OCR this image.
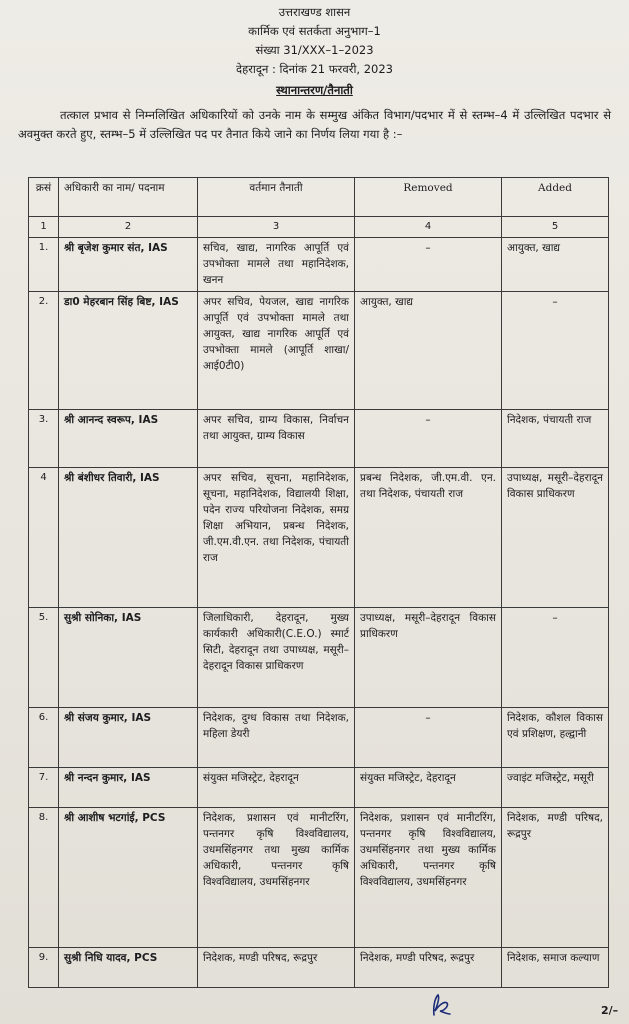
उत्तराखण्ड शासन
कार्मिक एवं सतर्कता अनुभाग–1
संख्या 31/XXX–1–2023
देहरादून : दिनांक 21 फरवरी, 2023
स्थानान्तरण/तैनाती

तत्काल प्रभाव से निम्नलिखित अधिकारियों को उनके नाम के सम्मुख अंकित विभाग/पदभार में से स्तम्भ–4 में उल्लिखित पदभार से अवमुक्त करते हुए, स्तम्भ–5 में उल्लिखित पद पर तैनात किये जाने का निर्णय लिया गया है :–

क्रसं	अधिकारी का नाम/ पदनाम	वर्तमान तैनाती	Removed	Added
1	2	3	4	5
1.	श्री बृजेश कुमार संत, IAS	सचिव, खाद्य, नागरिक आपूर्ति एवं उपभोक्ता मामले तथा महानिदेशक, खनन	–	आयुक्त, खाद्य
2.	डा0 मेहरबान सिंह बिष्ट, IAS	अपर सचिव, पेयजल, खाद्य नागरिक आपूर्ति एवं उपभोक्ता मामले तथा आयुक्त, खाद्य नागरिक आपूर्ति एवं उपभोक्ता मामले (आपूर्ति शाखा/ आई0टी0)	आयुक्त, खाद्य	–
3.	श्री आनन्द स्वरूप, IAS	अपर सचिव, ग्राम्य विकास, निर्वाचन तथा आयुक्त, ग्राम्य विकास	–	निदेशक, पंचायती राज
4	श्री बंशीधर तिवारी, IAS	अपर सचिव, सूचना, महानिदेशक, सूचना, महानिदेशक, विद्यालयी शिक्षा, पदेन राज्य परियोजना निदेशक, समग्र शिक्षा अभियान, प्रबन्ध निदेशक, जी.एम.वी.एन. तथा निदेशक, पंचायती राज	प्रबन्ध निदेशक, जी.एम.वी. एन. तथा निदेशक, पंचायती राज	उपाध्यक्ष, मसूरी–देहरादून विकास प्राधिकरण
5.	सुश्री सोनिका, IAS	जिलाधिकारी, देहरादून, मुख्य कार्यकारी अधिकारी(C.E.O.) स्मार्ट सिटी, देहरादून तथा उपाध्यक्ष, मसूरी–देहरादून विकास प्राधिकरण	उपाध्यक्ष, मसूरी–देहरादून विकास प्राधिकरण	–
6.	श्री संजय कुमार, IAS	निदेशक, दुग्ध विकास तथा निदेशक, महिला डेयरी	–	निदेशक, कौशल विकास एवं प्रशिक्षण, हल्द्वानी
7.	श्री नन्दन कुमार, IAS	संयुक्त मजिस्ट्रेट, देहरादून	संयुक्त मजिस्ट्रेट, देहरादून	ज्वाइंट मजिस्ट्रेट, मसूरी
8.	श्री आशीष भटगांई, PCS	निदेशक, प्रशासन एवं मानीटरिंग, पन्तनगर कृषि विश्वविद्यालय, उधमसिंहनगर तथा मुख्य कार्मिक अधिकारी, पन्तनगर कृषि विश्वविद्यालय, उधमसिंहनगर	निदेशक, प्रशासन एवं मानीटरिंग, पन्तनगर कृषि विश्वविद्यालय, उधमसिंहनगर तथा मुख्य कार्मिक अधिकारी, पन्तनगर कृषि विश्वविद्यालय, उधमसिंहनगर	निदेशक, मण्डी परिषद, रूद्रपुर
9.	सुश्री निधि यादव, PCS	निदेशक, मण्डी परिषद, रूद्रपुर	निदेशक, मण्डी परिषद, रूद्रपुर	निदेशक, समाज कल्याण
2/–
